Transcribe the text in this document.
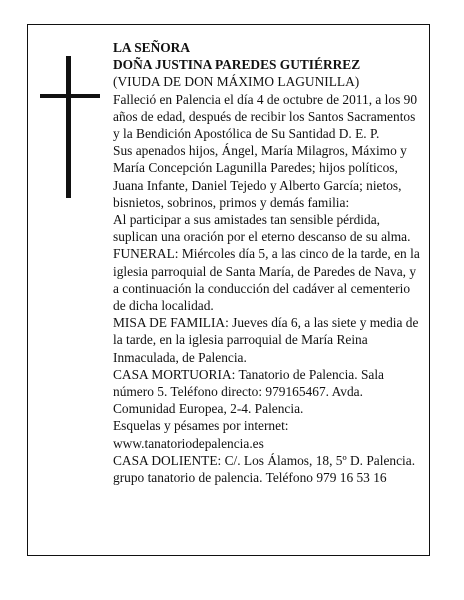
LA SEÑORA

DOÑA JUSTINA PAREDES GUTIÉRREZ

(VIUDA DE DON MÁXIMO LAGUNILLA)

Falleció en Palencia el día 4 de octubre de 2011, a los 90 años de edad, después de recibir los Santos Sacramentos y la Bendición Apostólica de Su Santidad D. E. P.

Sus apenados hijos, Ángel, María Milagros, Máximo y María Concepción Lagunilla Paredes; hijos políticos, Juana Infante, Daniel Tejedo y Alberto García; nietos, bisnietos, sobrinos, primos y demás familia:

Al participar a sus amistades tan sensible pérdida, suplican una oración por el eterno descanso de su alma.

FUNERAL: Miércoles día 5, a las cinco de la tarde, en la iglesia parroquial de Santa María, de Paredes de Nava, y a continuación la conducción del cadáver al cementerio de dicha localidad.

MISA DE FAMILIA: Jueves día 6, a las siete y media de la tarde, en la iglesia parroquial de María Reina Inmaculada, de Palencia.

CASA MORTUORIA: Tanatorio de Palencia. Sala número 5. Teléfono directo: 979165467. Avda. Comunidad Europea, 2-4. Palencia.

Esquelas y pésames por internet: www.tanatoriodepalencia.es

CASA DOLIENTE: C/. Los Álamos, 18, 5º D. Palencia.

grupo tanatorio de palencia. Teléfono 979 16 53 16
